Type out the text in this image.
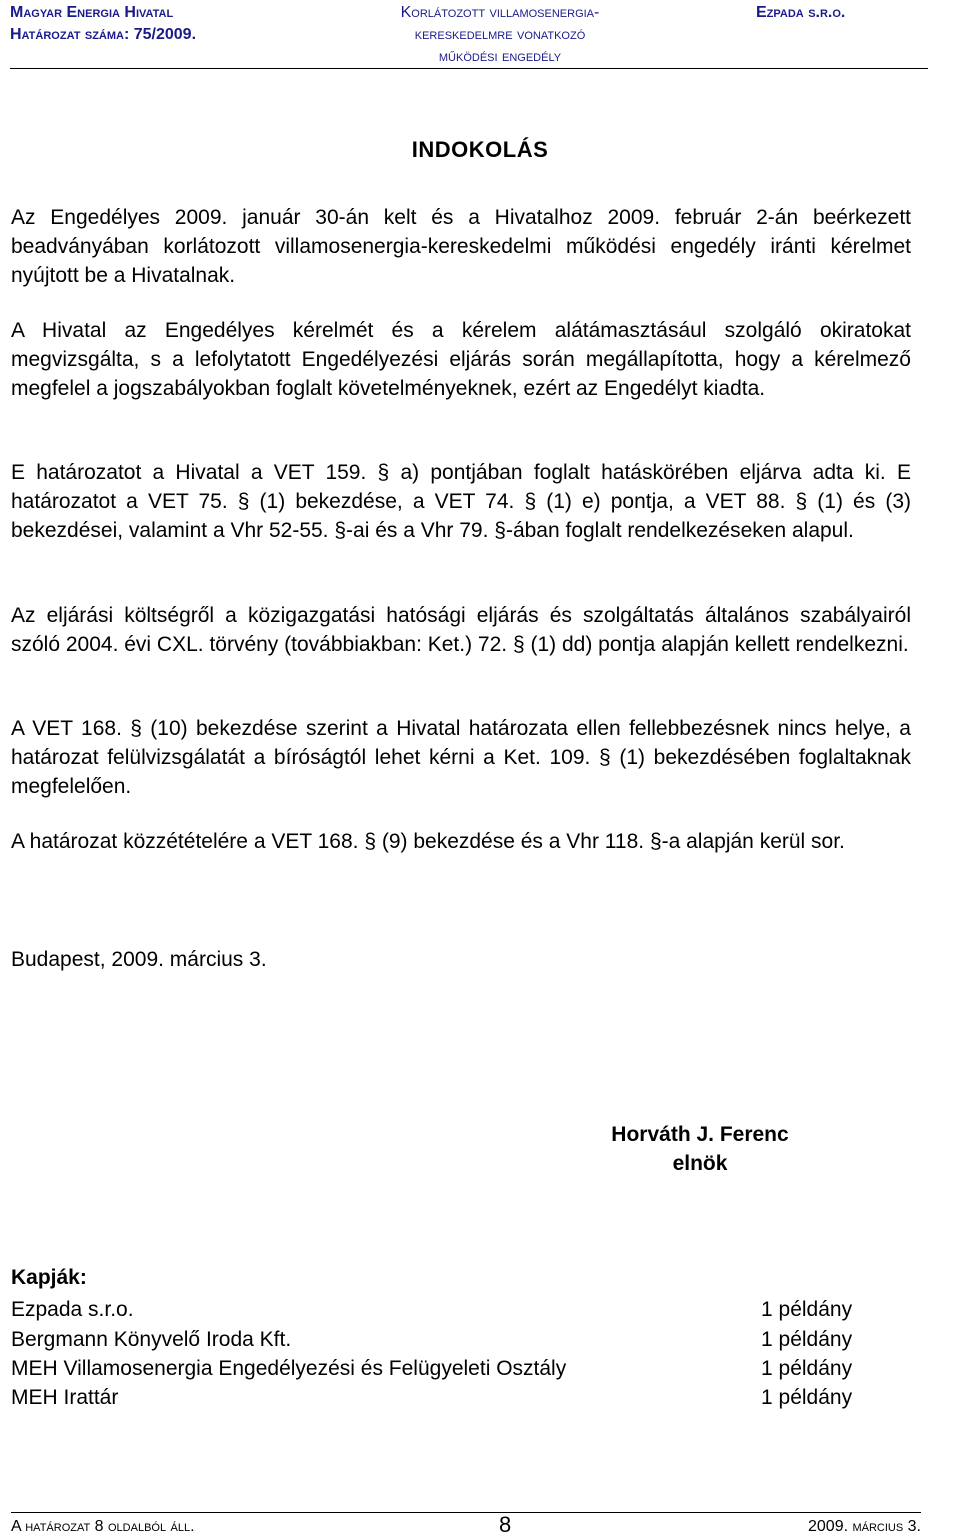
Magyar Energia Hivatal
Határozat száma: 75/2009.
Korlátozott villamosenergia-
kereskedelmre vonatkozó
működési engedély
Ezpada s.r.o.
INDOKOLÁS
Az Engedélyes 2009. január 30-án kelt és a Hivatalhoz 2009. február 2-án beérkezett beadványában korlátozott villamosenergia-kereskedelmi működési engedély iránti kérelmet nyújtott be a Hivatalnak.
A Hivatal az Engedélyes kérelmét és a kérelem alátámasztásául szolgáló okiratokat megvizsgálta, s a lefolytatott Engedélyezési eljárás során megállapította, hogy a kérelmező megfelel a jogszabályokban foglalt követelményeknek, ezért az Engedélyt kiadta.
E határozatot a Hivatal a VET 159. § a) pontjában foglalt hatáskörében eljárva adta ki. E határozatot a VET 75. § (1) bekezdése, a VET 74. § (1) e) pontja, a VET 88. § (1) és (3) bekezdései, valamint a Vhr 52-55. §-ai és a Vhr 79. §-ában foglalt rendelkezéseken alapul.
Az eljárási költségről a közigazgatási hatósági eljárás és szolgáltatás általános szabályairól szóló 2004. évi CXL. törvény (továbbiakban: Ket.) 72. § (1) dd) pontja alapján kellett rendelkezni.
A VET 168. § (10) bekezdése szerint a Hivatal határozata ellen fellebbezésnek nincs helye, a határozat felülvizsgálatát a bíróságtól lehet kérni a Ket. 109. § (1) bekezdésében foglaltaknak megfelelően.
A határozat közzétételére a VET 168. § (9) bekezdése és a Vhr 118. §-a alapján kerül sor.
Budapest, 2009. március 3.
Horváth J. Ferenc
elnök
Kapják:
Ezpada s.r.o.	1 példány
Bergmann Könyvelő Iroda Kft.	1 példány
MEH Villamosenergia Engedélyezési és Felügyeleti Osztály	1 példány
MEH Irattár	1 példány
A határozat 8 oldalból áll.	8	2009. március 3.
